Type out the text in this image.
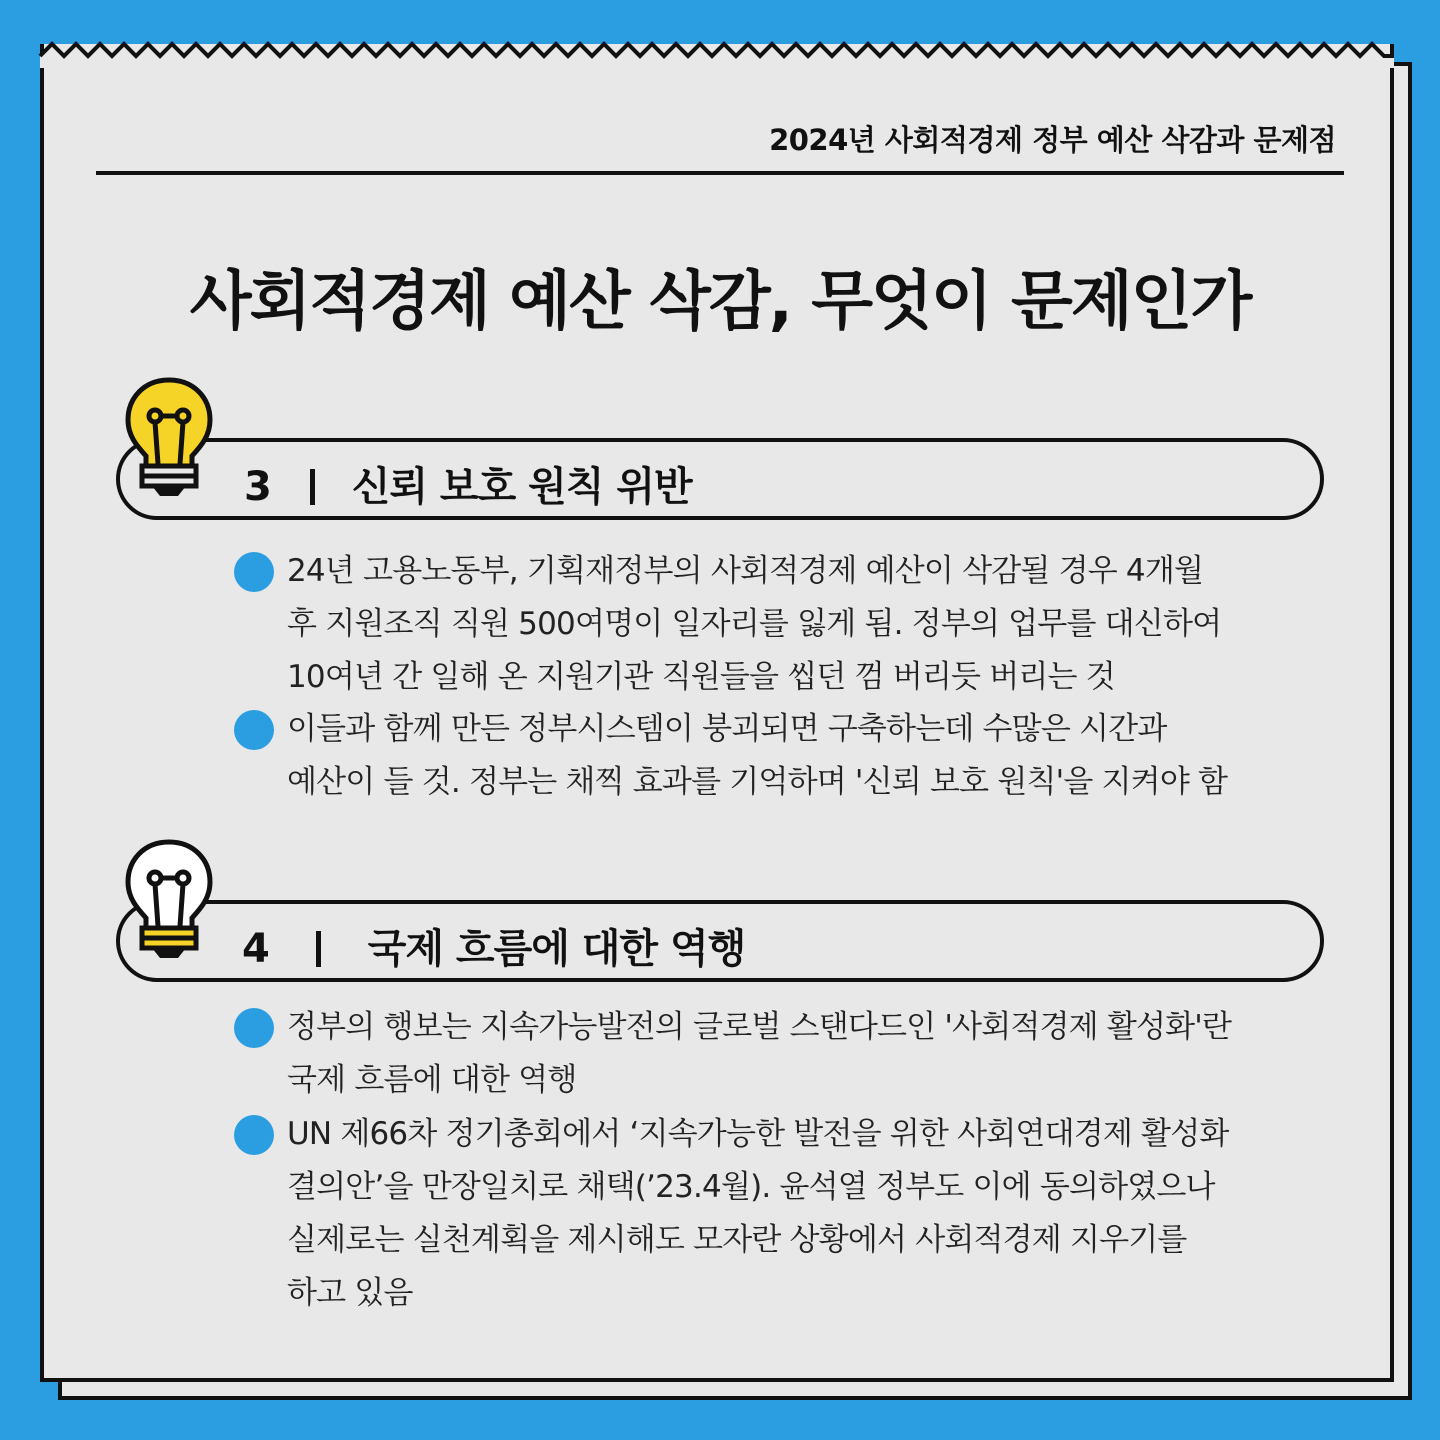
2024년 사회적경제 정부 예산 삭감과 문제점
사회적경제 예산 삭감, 무엇이 문제인가
3 신뢰 보호 원칙 위반
24년 고용노동부, 기획재정부의 사회적경제 예산이 삭감될 경우 4개월
후 지원조직 직원 500여명이 일자리를 잃게 됨. 정부의 업무를 대신하여
10여년 간 일해 온 지원기관 직원들을 씹던 껌 버리듯 버리는 것
이들과 함께 만든 정부시스템이 붕괴되면 구축하는데 수많은 시간과
예산이 들 것. 정부는 채찍 효과를 기억하며 '신뢰 보호 원칙'을 지켜야 함
4 국제 흐름에 대한 역행
정부의 행보는 지속가능발전의 글로벌 스탠다드인 '사회적경제 활성화'란
국제 흐름에 대한 역행
UN 제66차 정기총회에서 ‘지속가능한 발전을 위한 사회연대경제 활성화
결의안’을 만장일치로 채택(’23.4월). 윤석열 정부도 이에 동의하였으나
실제로는 실천계획을 제시해도 모자란 상황에서 사회적경제 지우기를
하고 있음
